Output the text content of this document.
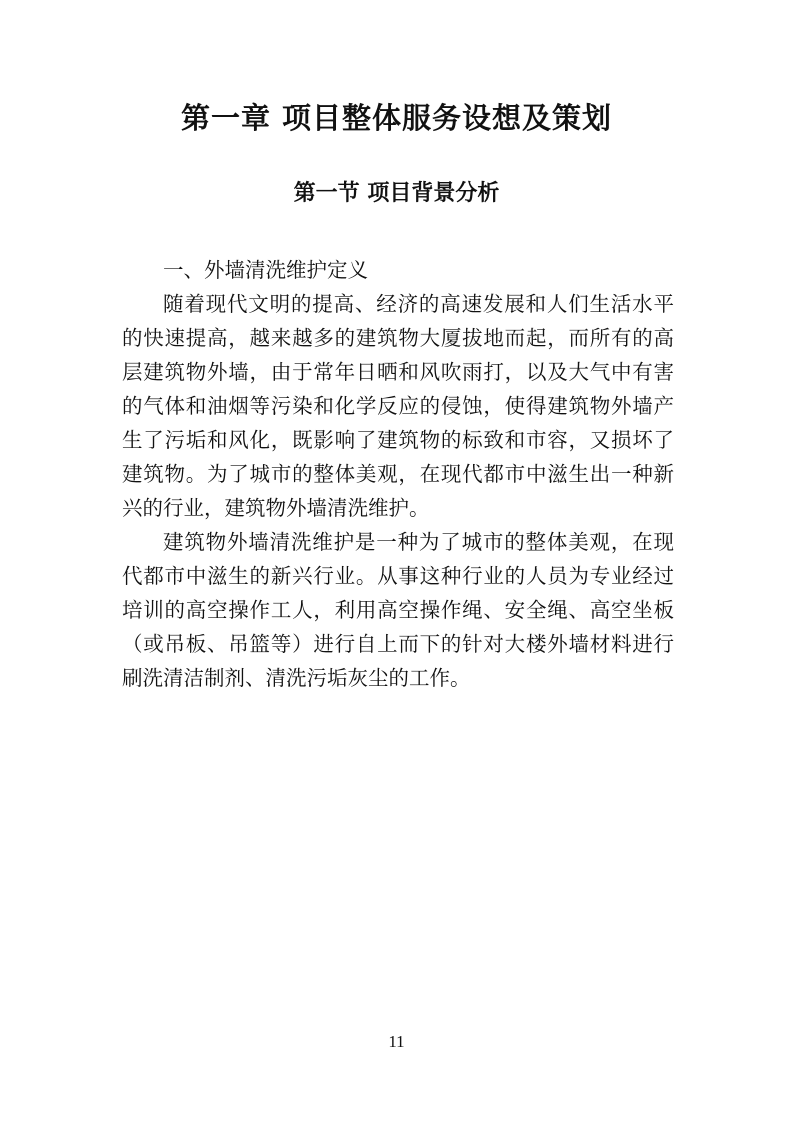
第一章 项目整体服务设想及策划
第一节 项目背景分析

一、外墙清洗维护定义

随着现代文明的提高、经济的高速发展和人们生活水平的快速提高，越来越多的建筑物大厦拔地而起，而所有的高层建筑物外墙，由于常年日晒和风吹雨打，以及大气中有害的气体和油烟等污染和化学反应的侵蚀，使得建筑物外墙产生了污垢和风化，既影响了建筑物的标致和市容，又损坏了建筑物。为了城市的整体美观，在现代都市中滋生出一种新兴的行业，建筑物外墙清洗维护。

建筑物外墙清洗维护是一种为了城市的整体美观，在现代都市中滋生的新兴行业。从事这种行业的人员为专业经过培训的高空操作工人，利用高空操作绳、安全绳、高空坐板（或吊板、吊篮等）进行自上而下的针对大楼外墙材料进行刷洗清洁制剂、清洗污垢灰尘的工作。

11
